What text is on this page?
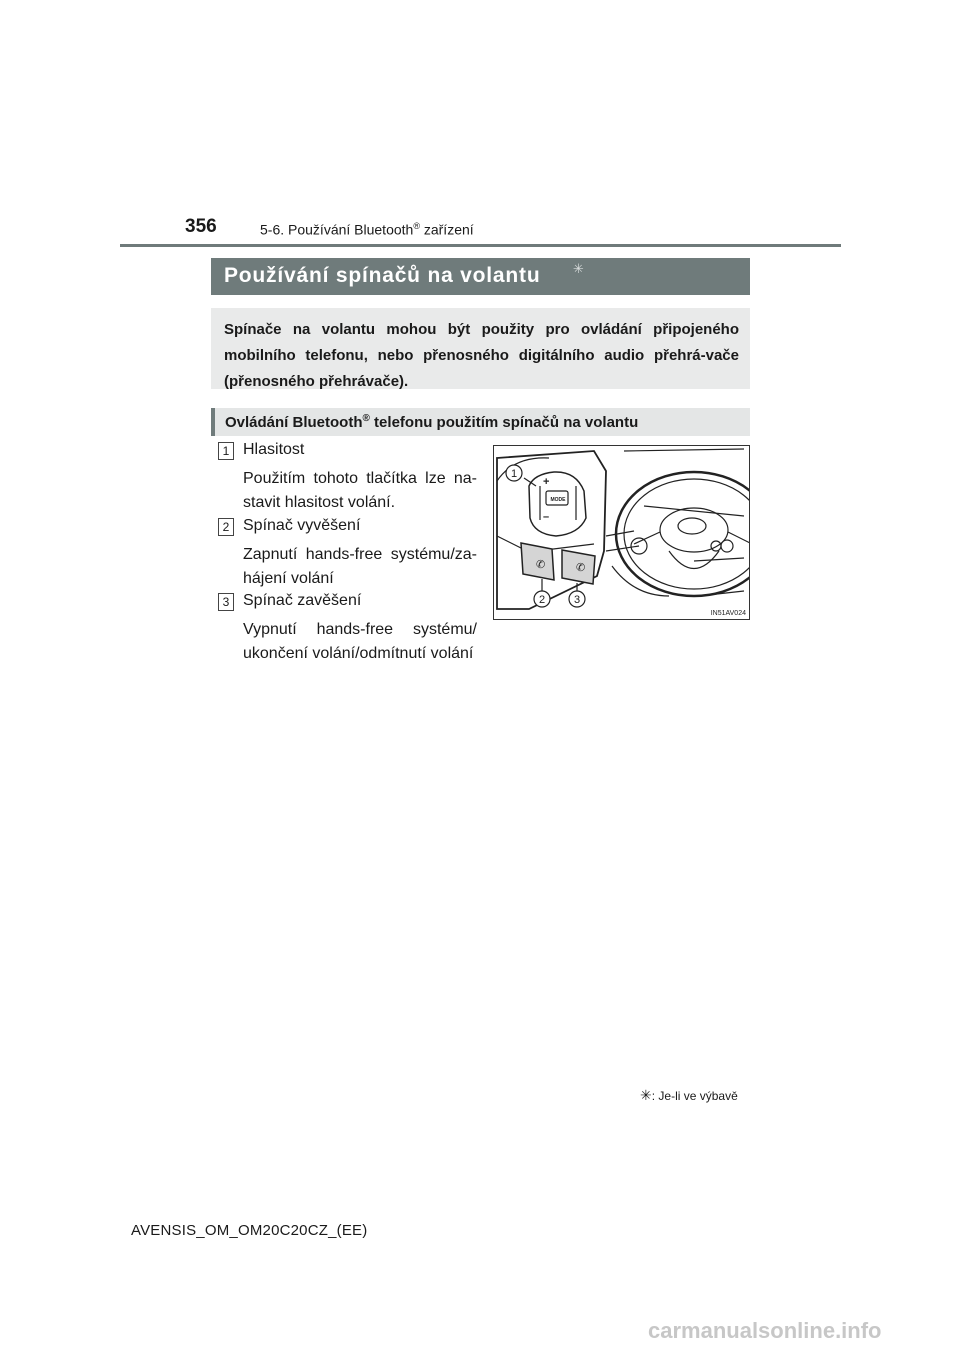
356	5-6. Používání Bluetooth® zařízení
Používání spínačů na volantu	✳
Spínače na volantu mohou být použity pro ovládání připojeného mobilního telefonu, nebo přenosného digitálního audio přehrá-vače (přenosného přehrávače).
Ovládání Bluetooth® telefonu použitím spínačů na volantu
1 Hlasitost
Použitím tohoto tlačítka lze na-
stavit hlasitost volání.
2 Spínač vyvěšení
Zapnutí hands-free systému/za-
hájení volání
3 Spínač zavěšení
Vypnutí hands-free systému/
ukončení volání/odmítnutí volání
MODE
+
–
✆	✆
1
2	3
IN51AV024
✳: Je-li ve výbavě
AVENSIS_OM_OM20C20CZ_(EE)
carmanualsonline.info
